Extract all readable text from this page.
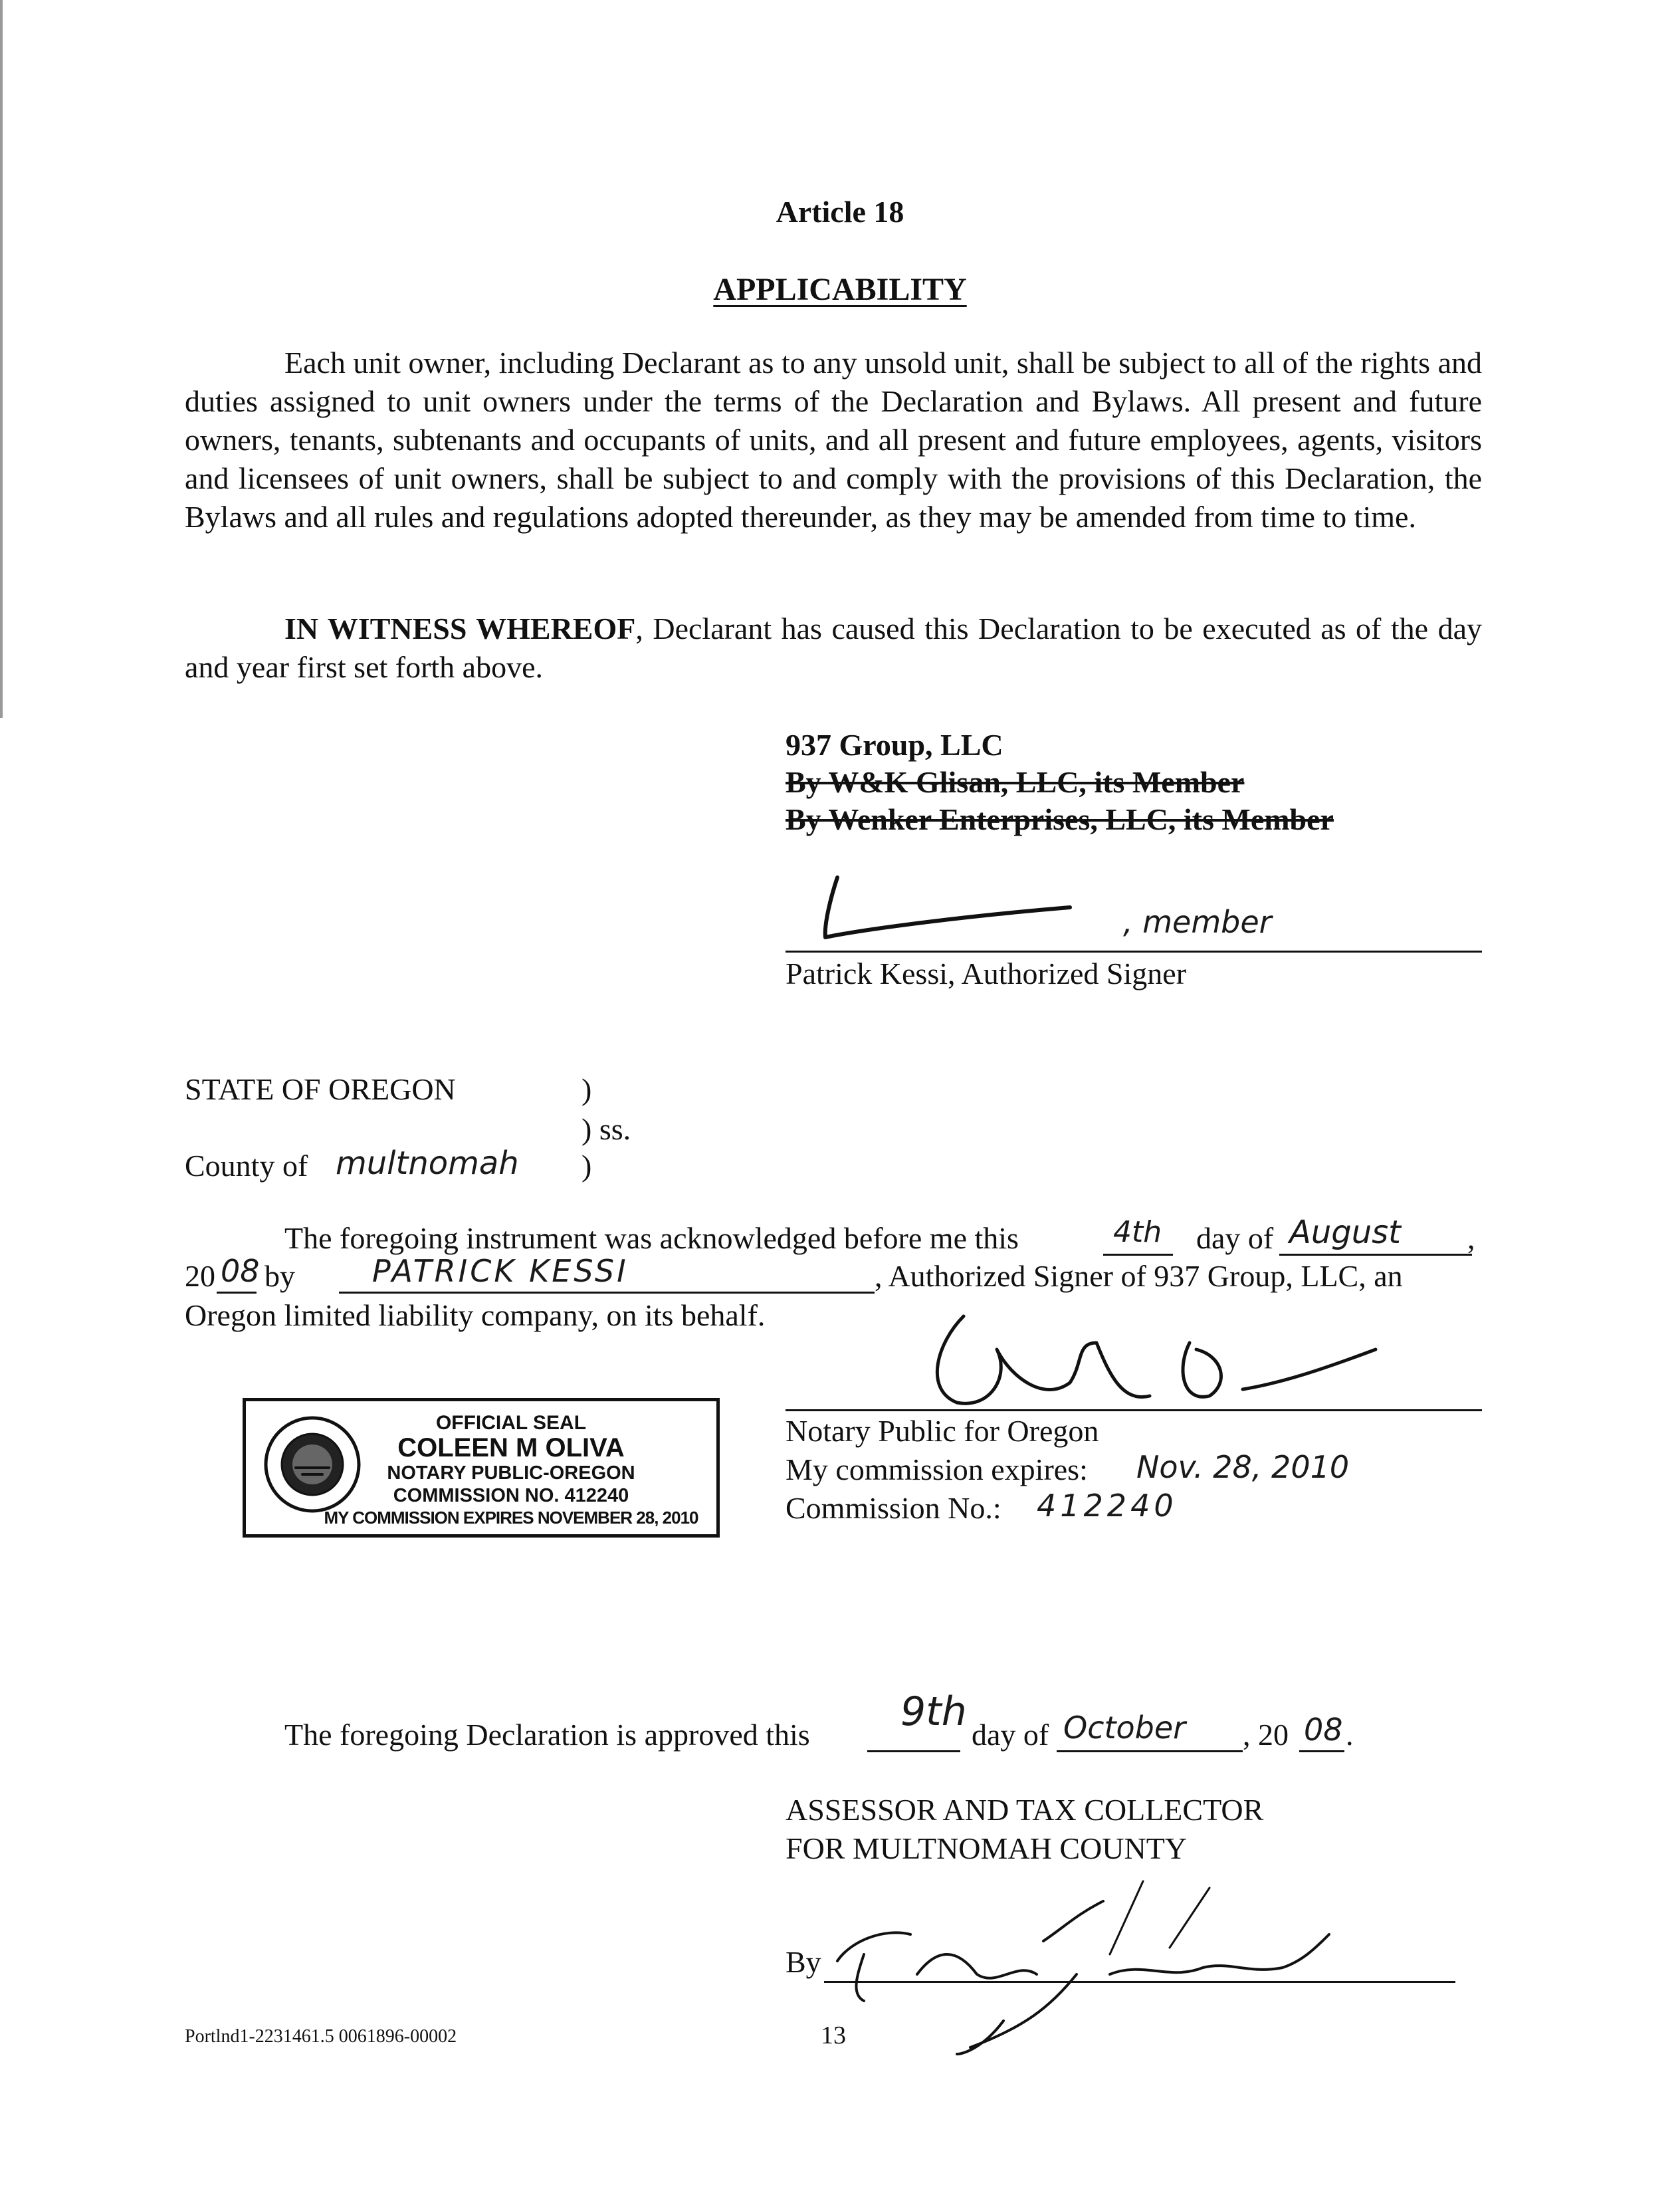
Article 18
APPLICABILITY
Each unit owner, including Declarant as to any unsold unit, shall be subject to all of the rights and duties assigned to unit owners under the terms of the Declaration and Bylaws. All present and future owners, tenants, subtenants and occupants of units, and all present and future employees, agents, visitors and licensees of unit owners, shall be subject to and comply with the provisions of this Declaration, the Bylaws and all rules and regulations adopted thereunder, as they may be amended from time to time.
IN WITNESS WHEREOF, Declarant has caused this Declaration to be executed as of the day and year first set forth above.
937 Group, LLC
By W&K Glisan, LLC, its Member
By Wenker Enterprises, LLC, its Member
, member
Patrick Kessi, Authorized Signer
STATE OF OREGON	)
) ss.
County of multnomah )
The foregoing instrument was acknowledged before me this	4th day of August ,
20 08 by	PATRICK KESSI	, Authorized Signer of 937 Group, LLC, an
Oregon limited liability company, on its behalf.
OFFICIAL SEAL
COLEEN M OLIVA
NOTARY PUBLIC-OREGON
COMMISSION NO. 412240
MY COMMISSION EXPIRES NOVEMBER 28, 2010
Notary Public for Oregon
My commission expires: Nov. 28, 2010
Commission No.: 412240
The foregoing Declaration is approved this 9th day of October , 20 08 .
ASSESSOR AND TAX COLLECTOR
FOR MULTNOMAH COUNTY
By
Portlnd1-2231461.5 0061896-00002	13
